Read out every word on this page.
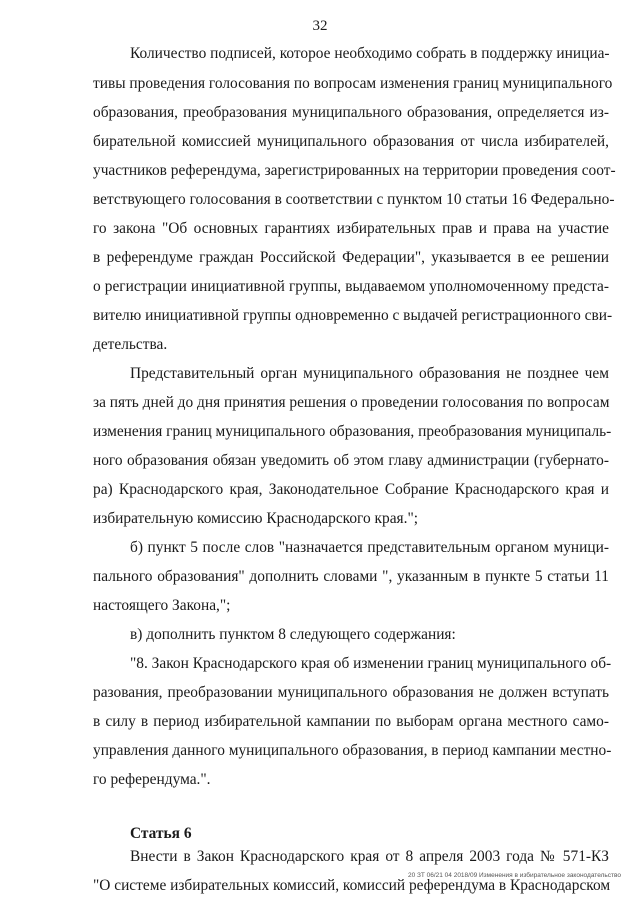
32
Количество подписей, которое необходимо собрать в поддержку инициа-
тивы проведения голосования по вопросам изменения границ муниципального
образования, преобразования муниципального образования, определяется из-
бирательной комиссией муниципального образования от числа избирателей,
участников референдума, зарегистрированных на территории проведения соот-
ветствующего голосования в соответствии с пунктом 10 статьи 16 Федерально-
го закона "Об основных гарантиях избирательных прав и права на участие
в референдуме граждан Российской Федерации", указывается в ее решении
о регистрации инициативной группы, выдаваемом уполномоченному предста-
вителю инициативной группы одновременно с выдачей регистрационного сви-
детельства.
Представительный орган муниципального образования не позднее чем
за пять дней до дня принятия решения о проведении голосования по вопросам
изменения границ муниципального образования, преобразования муниципаль-
ного образования обязан уведомить об этом главу администрации (губернато-
ра) Краснодарского края, Законодательное Собрание Краснодарского края и
избирательную комиссию Краснодарского края.";
б) пункт 5 после слов "назначается представительным органом муници-
пального образования" дополнить словами ", указанным в пункте 5 статьи 11
настоящего Закона,";
в) дополнить пунктом 8 следующего содержания:
"8. Закон Краснодарского края об изменении границ муниципального об-
разования, преобразовании муниципального образования не должен вступать
в силу в период избирательной кампании по выборам органа местного само-
управления данного муниципального образования, в период кампании местно-
го референдума.".
Статья 6
Внести в Закон Краснодарского края от 8 апреля 2003 года № 571-КЗ
"О системе избирательных комиссий, комиссий референдума в Краснодарском
20 ЗТ 06/21 04 2018/09 Изменения в избирательное законодательство
